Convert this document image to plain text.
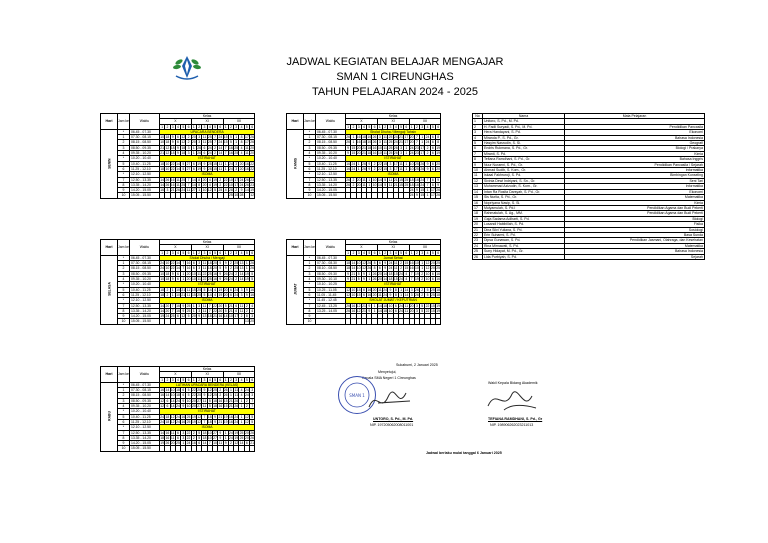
JADWAL KEGIATAN BELAJAR MENGAJAR
SMAN 1 CIREUNGHAS
TAHUN PELAJARAN 2024 - 2025
Hari	Jam ke	Waktu	Kelas																	
			X						XI						XII					
			1	2	3	4	5	6	1	2	3	4	5	6	1	2	3	4	5	6
SENIN	*	06.45 - 07.30	UPACARA BENDERA																	
	1	07.30 - 08.15	10	18	9	6	12	2	20	3	11	25	7	24	15	5	1	8	17	26
	2	08.15 - 08.50	10	18	9	6	12	2	20	3	11	25	7	24	15	5	1	8	17	26
	3	08.50 - 09.35	21	12	18	9	18	3	1	26	6	24	2	14	7	16	25	4	11	20
	4	09.35 - 10.20	21	12	18	9	18	3	1	26	6	24	2	14	7	16	25	4	11	20
	*	10.20 - 10.40	ISTIRAHAT																	
	5	10.40 - 11.25	18	10	22	14	5	27	6	19	9	28	15	11	1	24	3	20	16	22
	6	11.25 - 12.10	18	10	22	14	5	27	6	19	9	28	15	11	1	24	3	20	16	22
	*	12.10 - 12.50	ISOMA																	
	7	12.50 - 13.35	14	26	16	11	25	7	14	8	20	4	19	2	22	10	17	24	26	23
	8	13.35 - 14.20	14	26	16	11	25	7	14	8	20	4	19	2	22	10	17	24	26	23
	9	14.20 - 15.05	16	3	21	26	24	11	27	1	10	12	5	25	4	28	2	9	14	19
	10	15.05 - 15.50														25	10	28		12
Hari	Jam ke	Waktu	Kelas																	
			X						XI						XII					
			1	2	3	4	5	6	1	2	3	4	5	6	1	2	3	4	5	6
KAMIS	*	06.45 - 07.30	Sholat Dhuha / Mengaji Tahsin																	
	1	07.30 - 08.15	26	1	16	18	10	26	3	11	25	24	21	17	20	7	1	24	6	8
	2	08.15 - 08.50	26	1	16	18	10	26	3	11	25	24	21	17	20	7	1	24	6	8
	3	08.50 - 09.35	9	15	20	21	18	16	10	11	25	26	3	1	24	23	17	2	6	19
	4	09.35 - 10.20	9	15	20	21	18	16	10	11	25	26	3	1	24	23	17	2	6	19
	*	10.20 - 10.40	ISTIRAHAT																	
	5	10.40 - 11.25	16	24	1	26	9	2	22	15	3	17	11	1	10	25	26	9	6	20
	6	11.25 - 12.10	16	24	1	26	9	2	22	15	3	17	11	1	10	25	26	9	6	20
	*	12.10 - 12.50	ISOMA																	
	7	12.50 - 13.35	26	2	20	11	1	10	14	5	11	21	15	25	18	16	24	7	6	9
	8	13.35 - 14.20	26	2	20	11	1	10	14	5	11	21	15	25	18	16	24	7	6	9
	9	14.20 - 15.05													24	9	15	1	17	26
	10	15.05 - 15.50													24	9	15	1	17	26
Hari	Jam ke	Waktu	Kelas																	
			X						XI						XII					
			1	2	3	4	5	6	1	2	3	4	5	6	1	2	3	4	5	6
SELASA	*	06.45 - 07.30	Sholat Dhuha / Mengaji																	
	1	07.30 - 08.15	24	10	22	14	7	16	6	3	11	18	20	5	9	2	25	13	1	26
	2	08.15 - 08.50	24	10	22	14	7	16	6	3	11	18	20	5	9	2	25	13	1	26
	3	08.50 - 09.35	10	18	9	6	1	20	10	11	22	25	16	9	26	24	2	14	19	5
	4	09.35 - 10.20	10	18	9	6	1	20	10	11	22	25	16	9	26	24	2	14	19	5
	*	10.20 - 10.40	ISTIRAHAT																	
	5	10.40 - 11.25	18	2	1	10	21	11	15	25	5	14	4	19	20	6	24	3	9	16
	6	11.25 - 12.10	18	2	1	10	21	11	15	25	5	14	4	19	20	6	24	3	9	16
	*	12.10 - 12.50	ISOMA																	
	7	12.50 - 13.35	14	20	7	16	9	25	1	3	11	7	22	20	5	21	6	11	2	4
	8	13.35 - 14.20	14	20	7	16	9	25	1	3	11	7	22	20	5	21	6	11	2	4
	9	14.20 - 15.05	19	24	25	6	12	5	20	9	13	18	21	16	14	10	17	2	8	3
	10	15.05 - 15.50																	13	20
Hari	Jam ke	Waktu	Kelas																	
			X						XI						XII					
			1	2	3	4	5	6	1	2	3	4	5	6	1	2	3	4	5	6
JUMAT	*	06.45 - 07.30	Jumat Sehat																	
	1	07.30 - 08.30	18	14	10	12	26	8	6	9	24	11	2	15	16	10	1	12	20	25
	2	08.10 - 08.50	18	14	10	12	26	8	6	9	24	11	2	15	16	10	1	12	20	25
	3	08.50 - 09.30	9	21	5	9	1	26	20	14	18	15	24	4	7	19	2	10	6	16
	4	09.30 - 10.10	9	21	5	9	1	26	20	14	18	15	24	4	7	19	2	10	6	16
	*	10.10 - 10.25	ISTIRAHAT																	
	5	10.25 - 11.05	12	10	15	6	16	20	11	24	9	8	1	14	3	26	2	5	25	18
	6	11.05 - 11.45	12	10	15	6	16	20	11	24	9	8	1	14	3	26	2	5	25	18
	*	11.45 - 12.45	SHOLAT JUMAT / KEPUTRIAN																	
	7	12.45 - 13.25	26	16	12	21	9	1	14	18	10	6	24	11	20	3	5	22	15	19
	8	13.25 - 14.05	26	16	12	21	9	1	14	18	10	6	24	11	20	3	5	22	15	19
	9																			
	10																			
Hari	Jam ke	Waktu	Kelas																	
			X						XI						XII					
			1	2	3	4	5	6	1	2	3	4	5	6	1	2	3	4	5	6
RABU	*	06.45 - 07.30	LATIHAN UPACARA BENDERA (KELAS)																	
	1	07.30 - 08.15	16	14	10	18	6	5	22	20	9	12	25	2	26	1	11	4	24	3
	2	08.15 - 08.50	16	14	10	18	6	5	22	20	9	12	25	2	26	1	11	4	24	3
	3	08.50 - 09.35	12	6	14	24	9	10	20	27	11	5	18	16	15	21	26	1	2	7
	4	09.35 - 10.20	12	6	14	24	9	10	20	27	11	5	18	16	15	21	26	1	2	7
	*	10.20 - 10.40	ISTIRAHAT																	
	5	10.40 - 11.25	24	18	12	24	16	25	19	12	7	18	9	21	19	16	24	1	12	5
	6	11.25 - 12.10	24	18	12	24	16	25	19	12	7	18	9	21	19	16	24	1	12	5
	*	12.10 - 12.50	ISOMA																	
	7	12.50 - 13.35	14	16	11	6	3	22	2	5	18	10	27	9	1	24	19	25	20	26
	8	13.35 - 14.20	18	16	11	6	3	22	2	5	18	10	27	9	1	24	19	25	20	26
	9	14.20 - 15.05	19	26	20	25	1	24	16	6	14	7	10	11	9	2	12	14	6	21
	10	15.05 - 15.50																		
No	Nama	Mata Pelajaran
1	Unitoro, S. Pd., M. Pd.	
2	H. Fadli Suryadi, S. Pd., M. Pd.	Pendidikan Pancasila
3	Hera Handayani, S. Pd.	Ekonomi
4	Miranda P., S. Pd., Gr.	Bahasa Indonesia
5	Hasyim Nasrudin, S. Si.	Geografi
6	Endris Rukmana, S. Pd., Gr.	Biologi / Prakarya
7	Miranti, S. Pd.	Kimia
8	Tefiana Ramdhani, S. Pd., Gr.	Bahasa Inggris
9	Nuur Nuraeni, S. Pd., Gr.	Pendidikan Pancasila / Sejarah
10	Ahmad Sudib, S. Kom., Gr.	Informatika
11	Iskaal Fakhruroji, S. Pd.	Bimbingan Konseling
12	Sivinia Dewi Indriyani, S. Sn., Gr.	Seni Tari
13	Muhammad Azizudin, S. Kom., Gr.	Informatika
14	Intan Ra Rosita Darsyah, S. Pd., Gr.	Ekonomi
15	Sis Nurlia, S. Pd., Gr.	Matematika
16	Nopriyana Nasip, S. Si.	Kimia
17	Mulyamulah, S. Pd.I	Pendidikan Agama dan Budi Pekerti
18	Rahmatulah, S. Ag., MM.	Pendidikan Agama dan Budi Pekerti
19	Gaja Sadama Adiharti, S. Pd.	Biologi
20	Lusandi Habibillah, S. Pd.	Fisika
21	Dina Silvi Yuliana, S. Pd.	Sosiologi
22	Erin Suharmi, S. Pd.	Basa Sunda
23	Dipsa Gunawan, S. Pd.	Pendidikan Jasmani, Olahraga, dan Kesehatan
24	Rina Mirnawati, S. Pd.	Matematika
25	Suny Hidayat, M. Pd., Gr.	Bahasa Indonesia
26	Lida Purbiyah, S. Pd.	Sejarah
Sukabumi, 2 Januari 2025
Menyetujui,
Kepala SMA Negeri 1 Cireunghas
SMAN 1
UNTORO, S. Pd., M. Pd.
NIP. 197205062008011001
Wakil Kepala Bidang Akademik
TEFIANA RAMDHANI, S. Pd., Gr
NIP. 198906262023211013
Jadwal berlaku mulai tanggal 6 Januari 2025
